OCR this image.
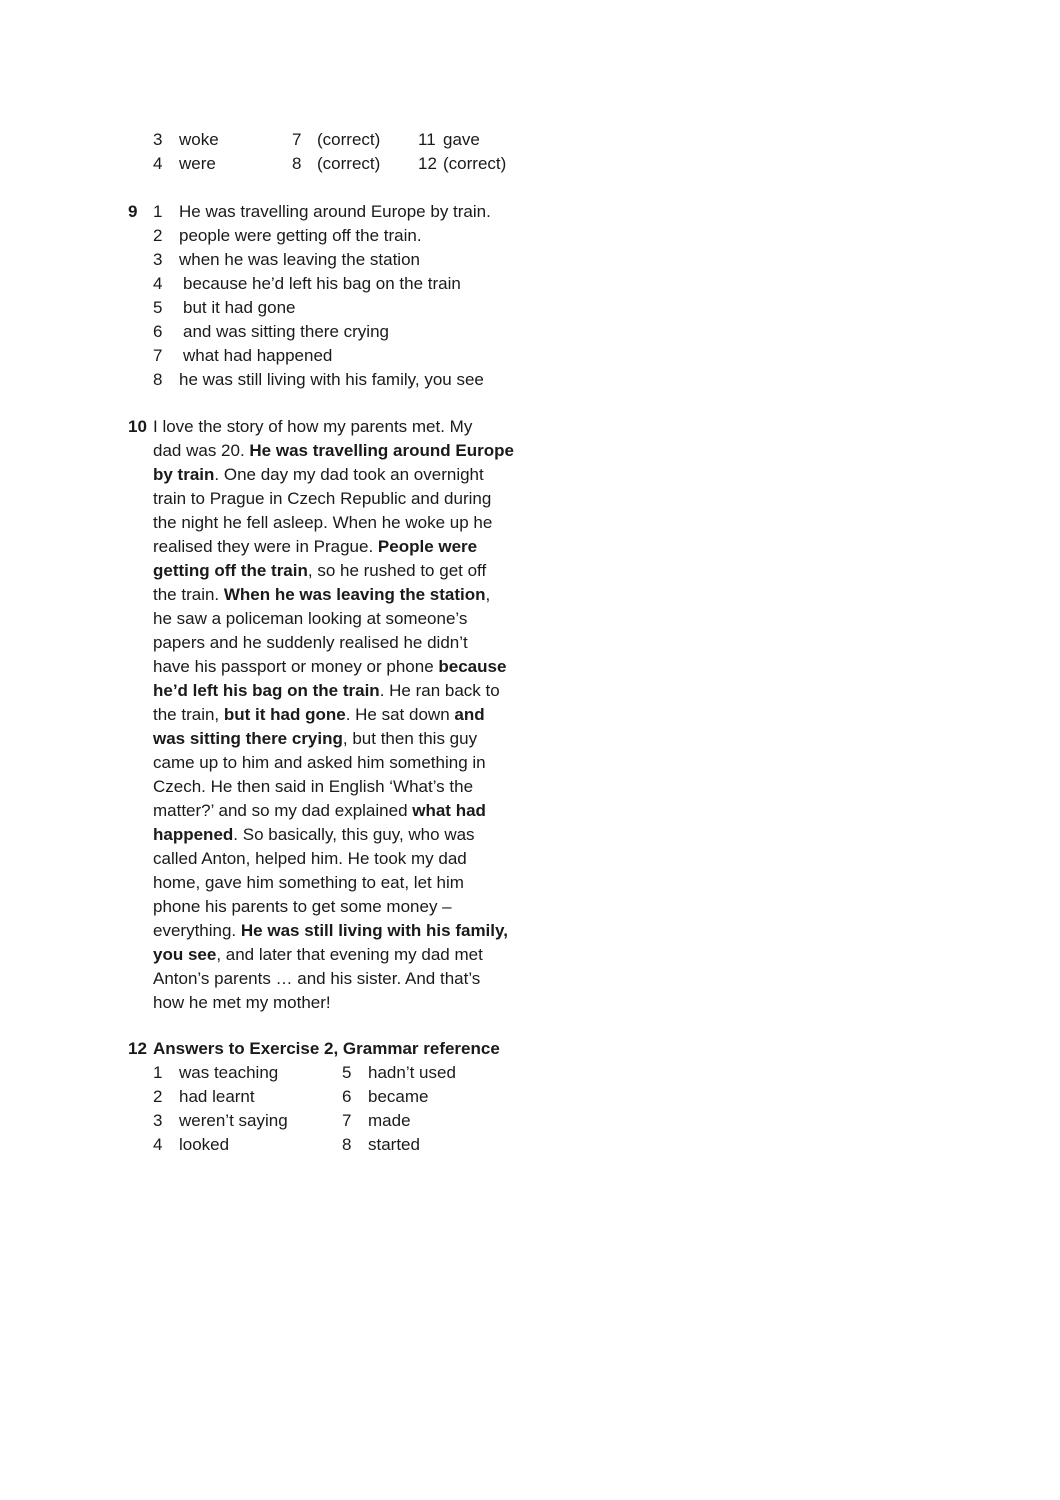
3 woke	7 (correct) 11 gave
4 were	8 (correct) 12 (correct)
9 1 He was travelling around Europe by train.
2 people were getting off the train.
3 when he was leaving the station
4 because he’d left his bag on the train
5 but it had gone
6 and was sitting there crying
7 what had happened
8 he was still living with his family, you see
10 I love the story of how my parents met. My
dad was 20. He was travelling around Europe
by train. One day my dad took an overnight
train to Prague in Czech Republic and during
the night he fell asleep. When he woke up he
realised they were in Prague. People were
getting off the train, so he rushed to get off
the train. When he was leaving the station,
he saw a policeman looking at someone’s
papers and he suddenly realised he didn’t
have his passport or money or phone because
he’d left his bag on the train. He ran back to
the train, but it had gone. He sat down and
was sitting there crying, but then this guy
came up to him and asked him something in
Czech. He then said in English ‘What’s the
matter?’ and so my dad explained what had
happened. So basically, this guy, who was
called Anton, helped him. He took my dad
home, gave him something to eat, let him
phone his parents to get some money –
everything. He was still living with his family,
you see, and later that evening my dad met
Anton’s parents … and his sister. And that’s
how he met my mother!
12 Answers to Exercise 2, Grammar reference
1 was teaching	5 hadn’t used
2 had learnt	6 became
3 weren’t saying	7 made
4 looked	8 started
